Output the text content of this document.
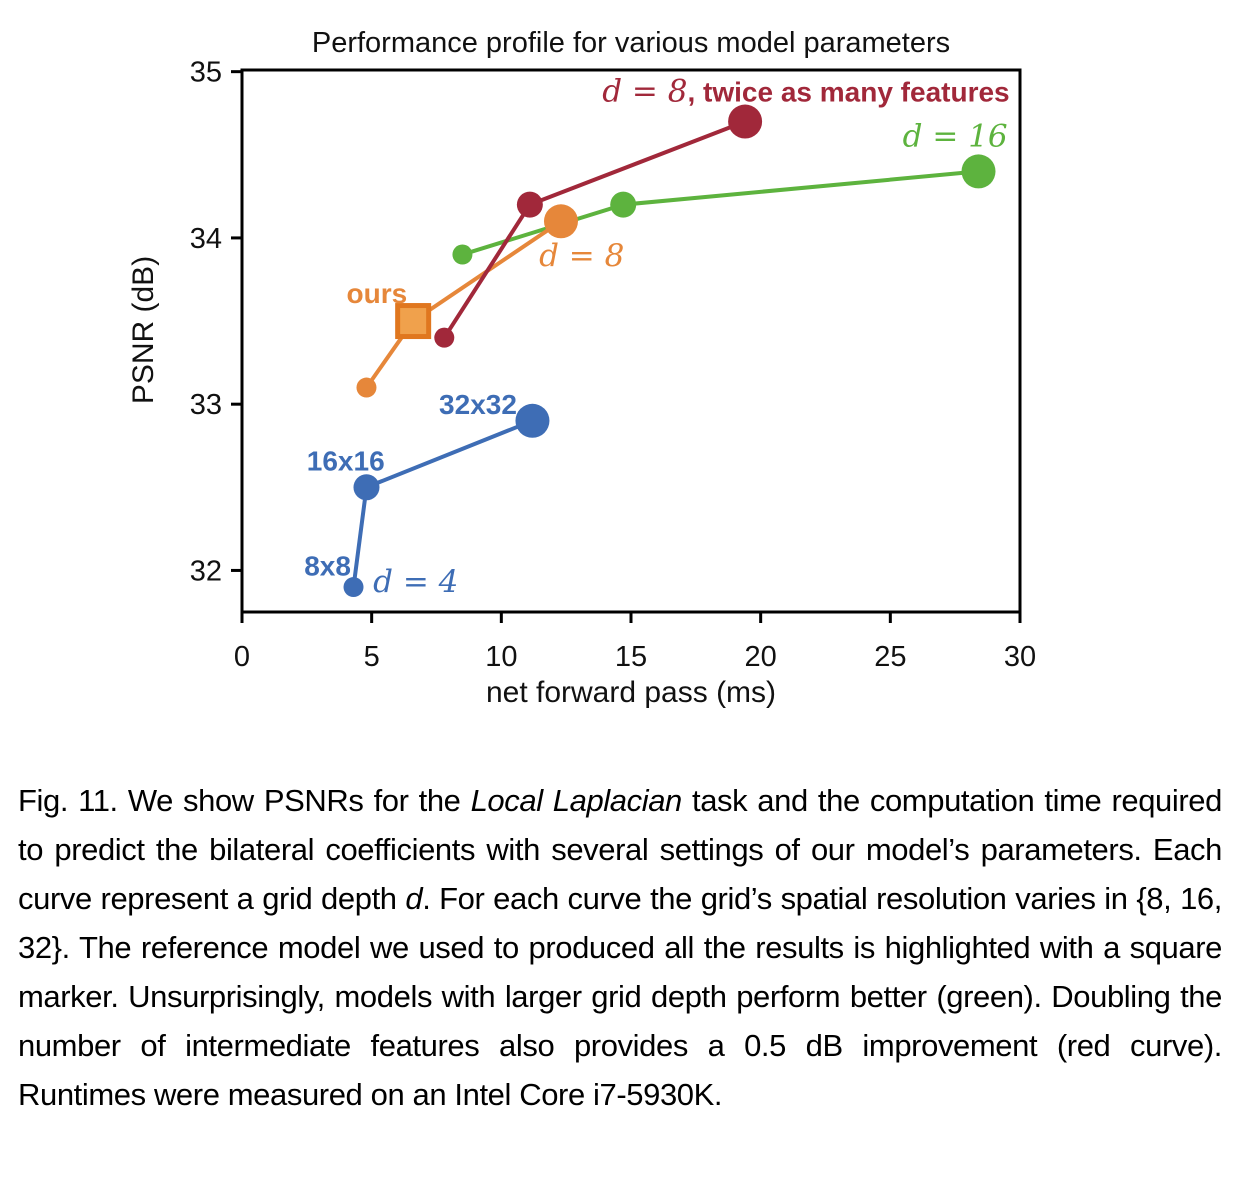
Performance profile for various model parameters
0	5	10	15	20	25	30
32
33
34
35
net forward pass (ms)
PSNR (dB)
8x8
16x16
32x32
d = 4
ours
d = 8
d = 16
d = 8, twice as many features

Fig. 11. We show PSNRs for the Local Laplacian task and the computation time required to predict the bilateral coefficients with several settings of our model’s parameters. Each curve represent a grid depth d. For each curve the grid’s spatial resolution varies in {8, 16, 32}. The reference model we used to produced all the results is highlighted with a square marker. Unsurprisingly, models with larger grid depth perform better (green). Doubling the number of intermediate features also provides a 0.5 dB improvement (red curve). Runtimes were measured on an Intel Core i7-5930K.
